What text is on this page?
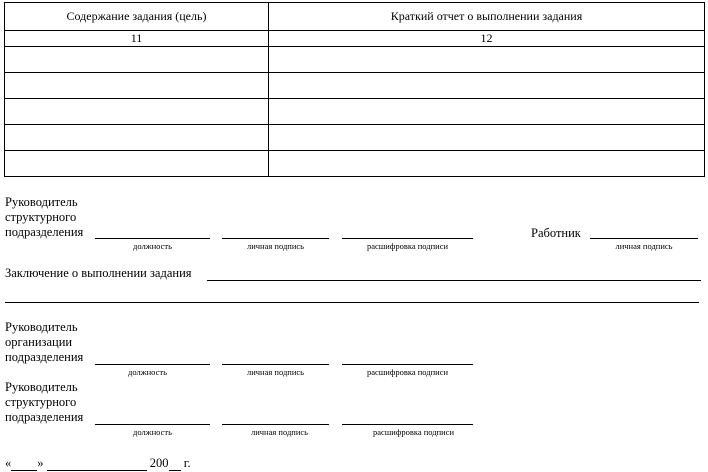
Содержание задания (цель)	Краткий отчет о выполнении задания
11	12

Руководитель
структурного
подразделения
должность	личная подпись	расшифровка подписи
Работник
личная подпись
Заключение о выполнении задания
Руководитель
организации
подразделения
должность	личная подпись	расшифровка подписи
Руководитель
структурного
подразделения
должность	личная подпись	расшифровка подписи
« »	200 г.
